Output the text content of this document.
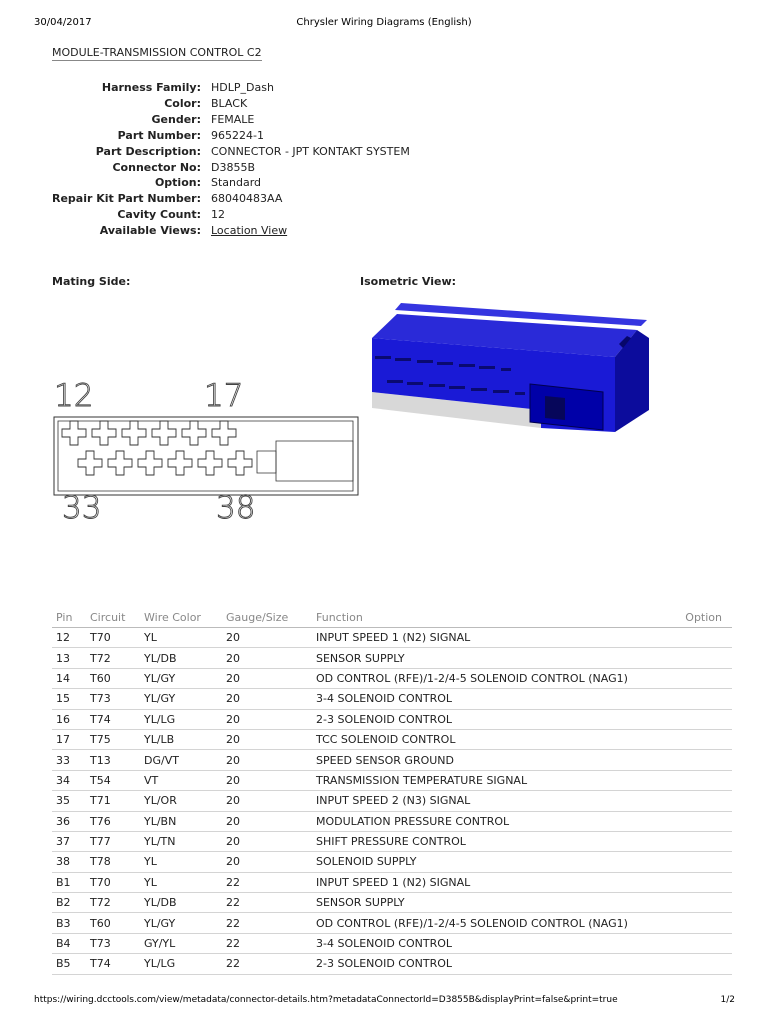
30/04/2017	Chrysler Wiring Diagrams (English)
MODULE-TRANSMISSION CONTROL C2
Harness Family: HDLP_Dash
Color: BLACK
Gender: FEMALE
Part Number: 965224-1
Part Description: CONNECTOR - JPT KONTAKT SYSTEM
Connector No: D3855B
Option: Standard
Repair Kit Part Number: 68040483AA
Cavity Count: 12
Available Views: Location View
Mating Side:	Isometric View:
12	17
33	38
Pin	Circuit	Wire Color	Gauge/Size	Function	Option
12	T70	YL	20	INPUT SPEED 1 (N2) SIGNAL	
13	T72	YL/DB	20	SENSOR SUPPLY	
14	T60	YL/GY	20	OD CONTROL (RFE)/1-2/4-5 SOLENOID CONTROL (NAG1)	
15	T73	YL/GY	20	3-4 SOLENOID CONTROL	
16	T74	YL/LG	20	2-3 SOLENOID CONTROL	
17	T75	YL/LB	20	TCC SOLENOID CONTROL	
33	T13	DG/VT	20	SPEED SENSOR GROUND	
34	T54	VT	20	TRANSMISSION TEMPERATURE SIGNAL	
35	T71	YL/OR	20	INPUT SPEED 2 (N3) SIGNAL	
36	T76	YL/BN	20	MODULATION PRESSURE CONTROL	
37	T77	YL/TN	20	SHIFT PRESSURE CONTROL	
38	T78	YL	20	SOLENOID SUPPLY	
B1	T70	YL	22	INPUT SPEED 1 (N2) SIGNAL	
B2	T72	YL/DB	22	SENSOR SUPPLY	
B3	T60	YL/GY	22	OD CONTROL (RFE)/1-2/4-5 SOLENOID CONTROL (NAG1)	
B4	T73	GY/YL	22	3-4 SOLENOID CONTROL	
B5	T74	YL/LG	22	2-3 SOLENOID CONTROL	
https://wiring.dcctools.com/view/metadata/connector-details.htm?metadataConnectorId=D3855B&displayPrint=false&print=true	1/2
